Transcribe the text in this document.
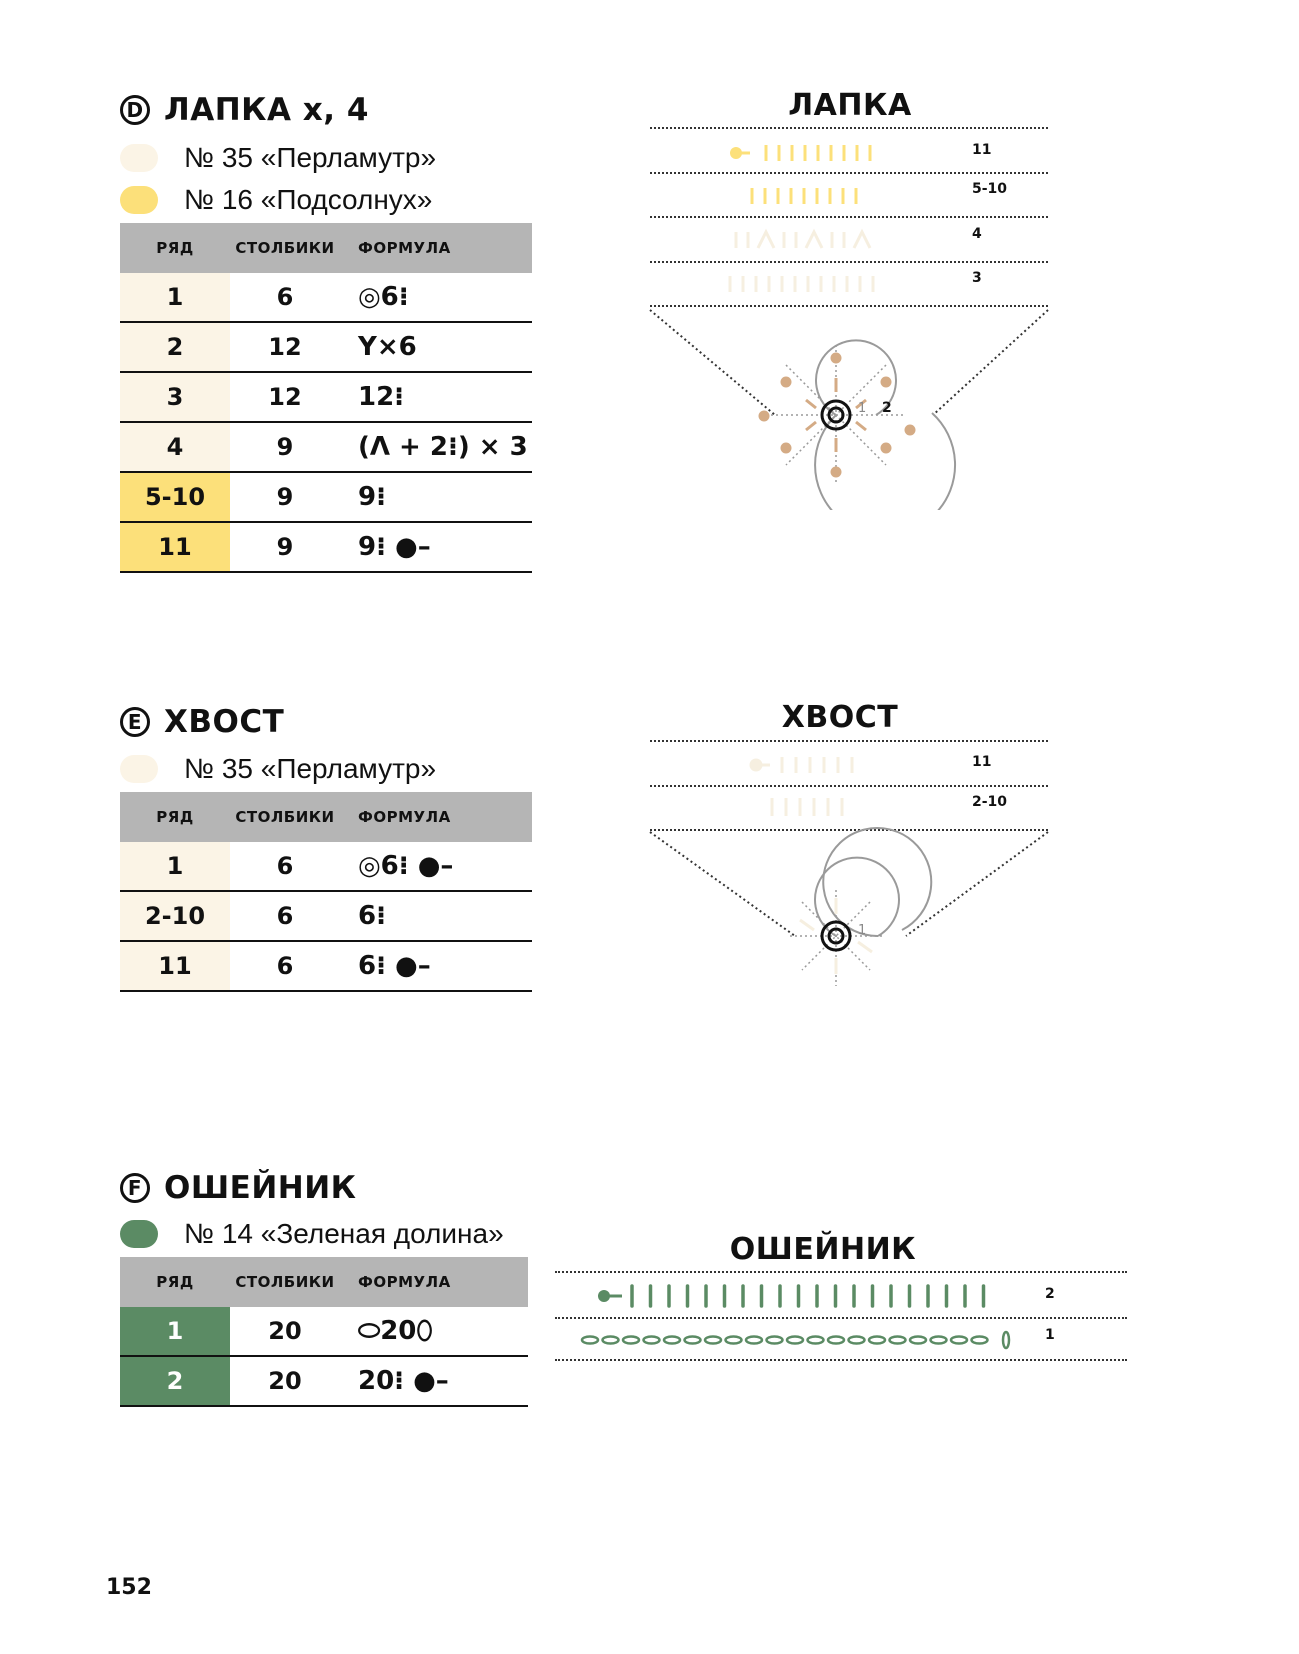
D ЛАПКА х, 4
№ 35 «Перламутр»
№ 16 «Подсолнух»
РЯД	СТОЛБИКИ	ФОРМУЛА
1	6	◎6⁝
2	12	Y×6
3	12	12⁝
4	9	(Λ + 2⁝) × 3
5-10	9	9⁝
11	9	9⁝ ●–
ЛАПКА
11
5-10
4
3
1 2
E ХВОСТ
№ 35 «Перламутр»
РЯД	СТОЛБИКИ	ФОРМУЛА
1	6	◎6⁝ ●–
2-10	6	6⁝
11	6	6⁝ ●–
ХВОСТ
11
2-10
1
F ОШЕЙНИК
№ 14 «Зеленая долина»
РЯД	СТОЛБИКИ	ФОРМУЛА
1	20	⬭20⬯
2	20	20⁝ ●–
ОШЕЙНИК
2
1
152
